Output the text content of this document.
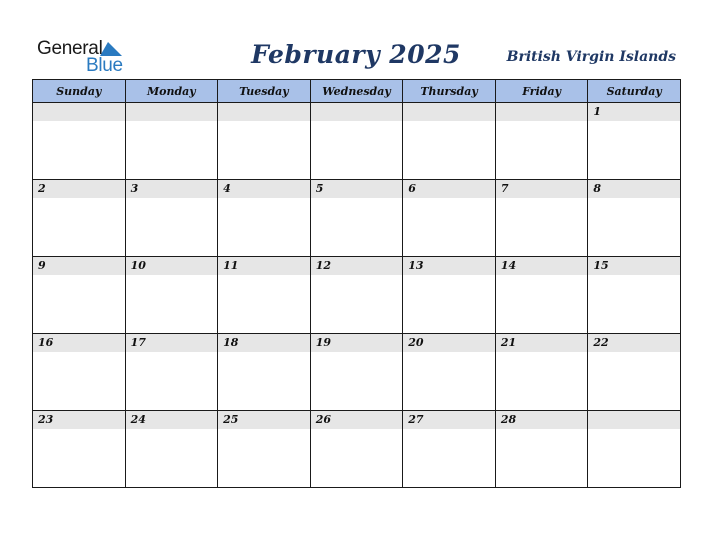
General
Blue	February 2025	British Virgin Islands
Sunday	Monday	Tuesday	Wednesday	Thursday	Friday	Saturday

						1

2	3	4	5	6	7	8

9	10	11	12	13	14	15

16	17	18	19	20	21	22

23	24	25	26	27	28	
